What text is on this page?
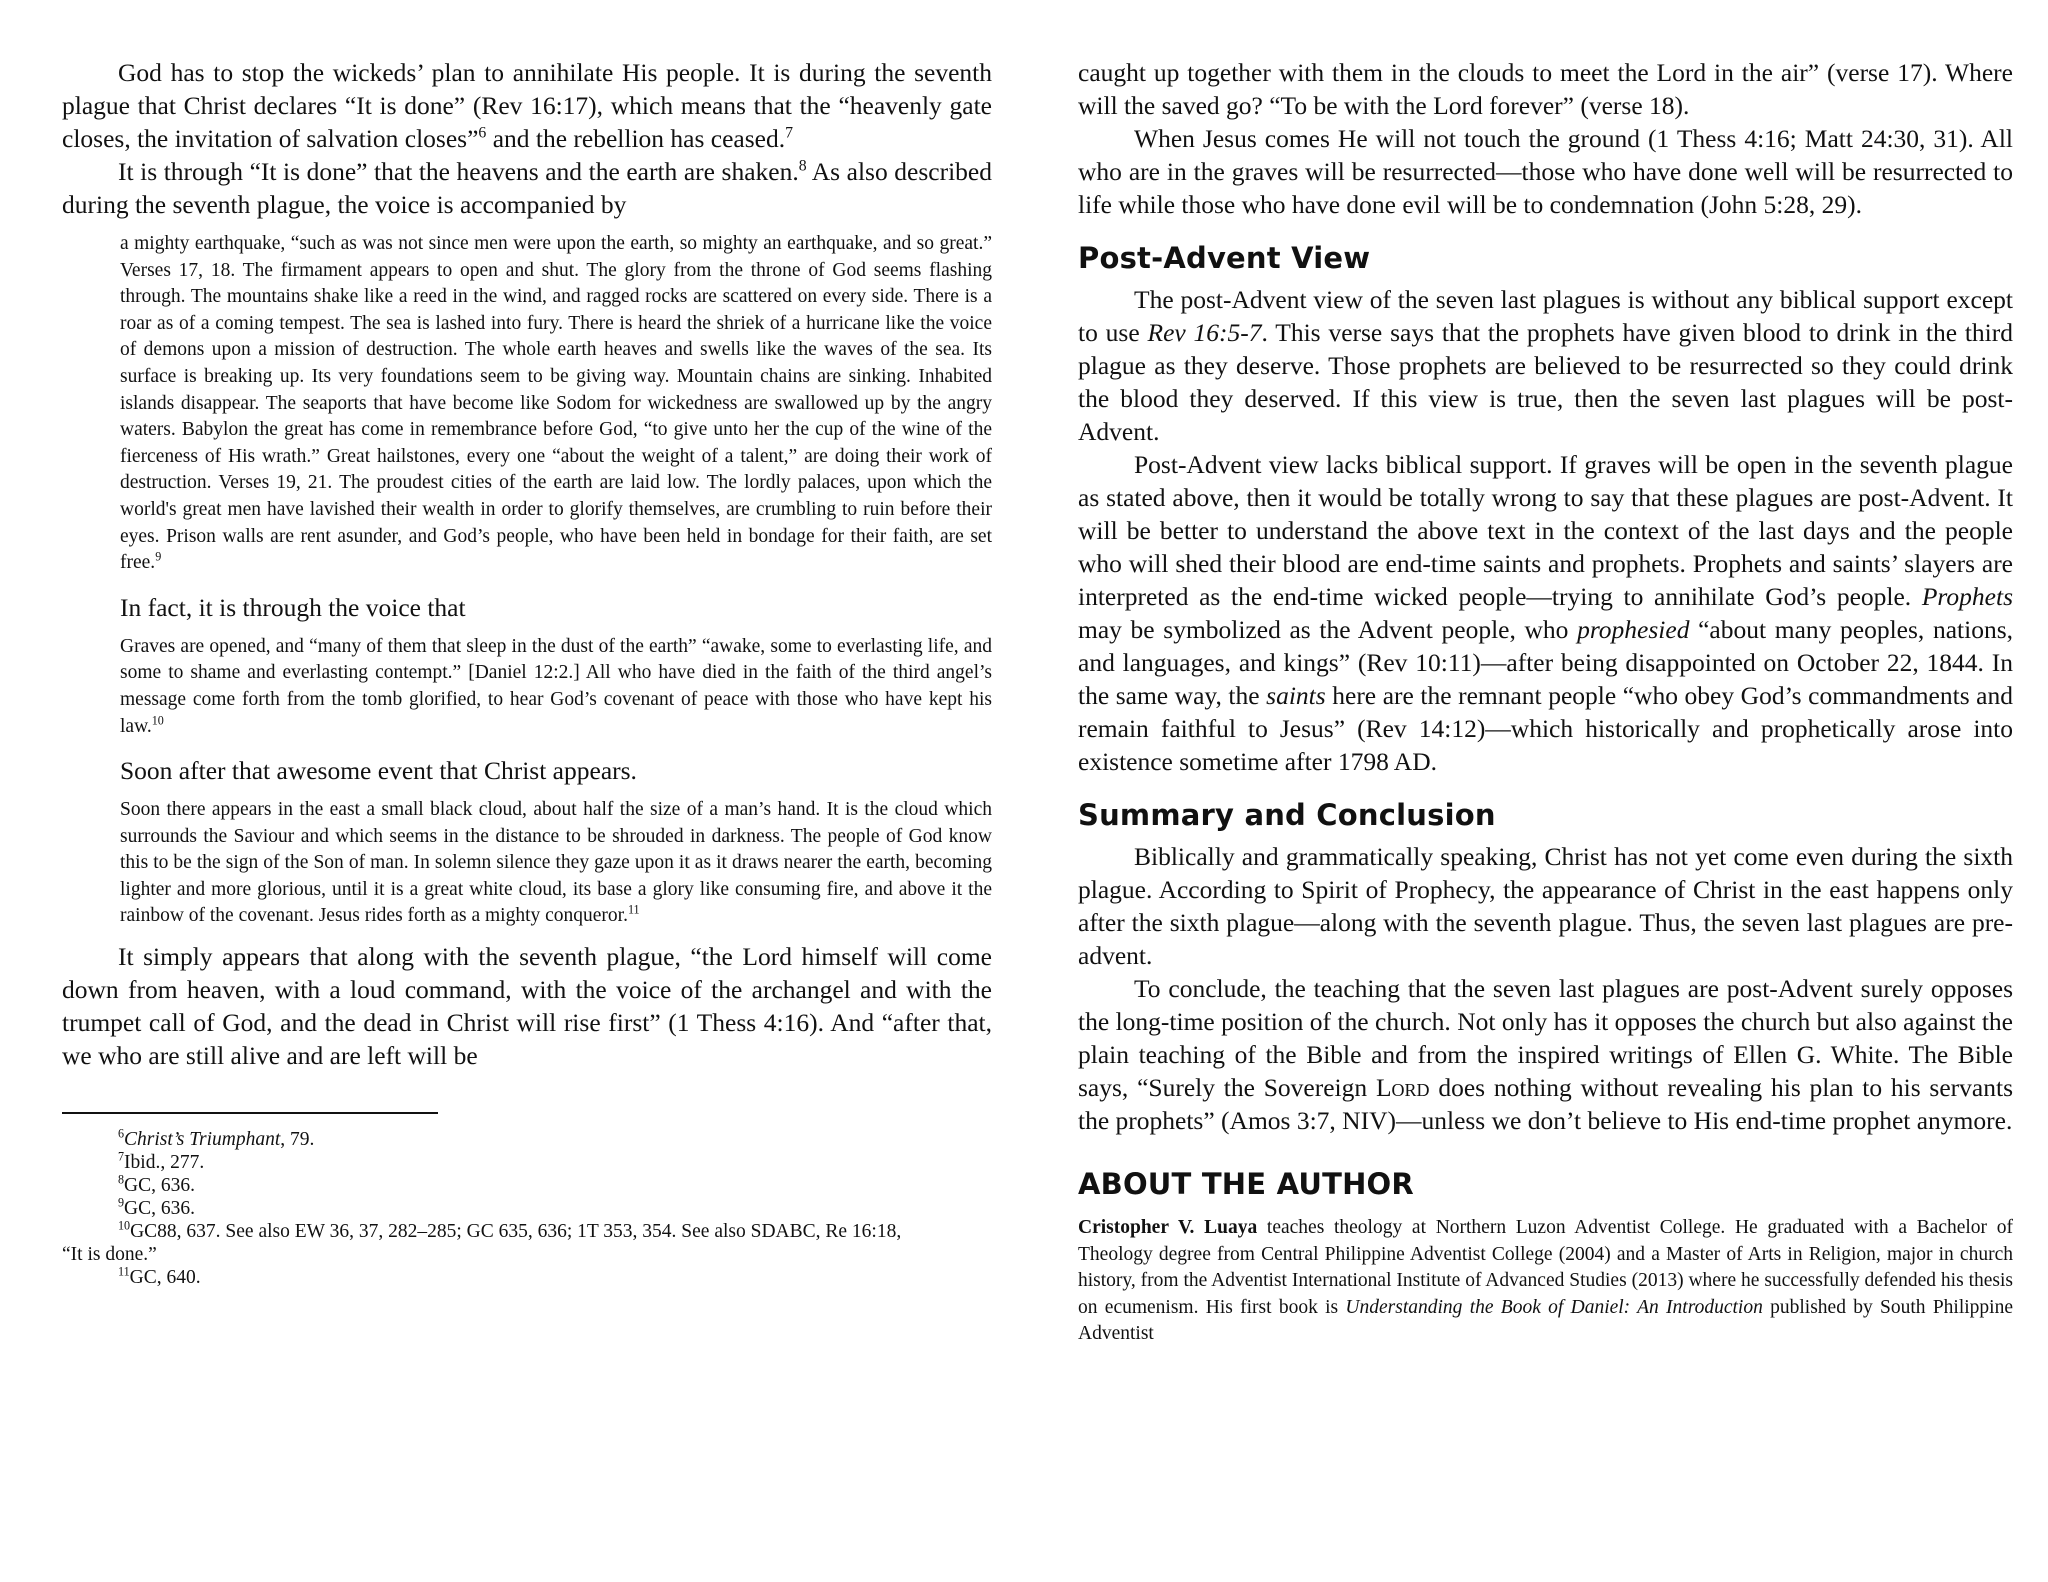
God has to stop the wickeds’ plan to annihilate His people. It is during the seventh plague that Christ declares “It is done” (Rev 16:17), which means that the “heavenly gate closes, the invitation of salvation closes”$^6$ and the rebellion has ceased.$^7$

It is through “It is done” that the heavens and the earth are shaken.$^8$ As also described during the seventh plague, the voice is accompanied by

a mighty earthquake, “such as was not since men were upon the earth, so mighty an earthquake, and so great.” Verses 17, 18. The firmament appears to open and shut. The glory from the throne of God seems flashing through. The mountains shake like a reed in the wind, and ragged rocks are scattered on every side. There is a roar as of a coming tempest. The sea is lashed into fury. There is heard the shriek of a hurricane like the voice of demons upon a mission of destruction. The whole earth heaves and swells like the waves of the sea. Its surface is breaking up. Its very foundations seem to be giving way. Mountain chains are sinking. Inhabited islands disappear. The seaports that have become like Sodom for wickedness are swallowed up by the angry waters. Babylon the great has come in remembrance before God, “to give unto her the cup of the wine of the fierceness of His wrath.” Great hailstones, every one “about the weight of a talent,” are doing their work of destruction. Verses 19, 21. The proudest cities of the earth are laid low. The lordly palaces, upon which the world's great men have lavished their wealth in order to glorify themselves, are crumbling to ruin before their eyes. Prison walls are rent asunder, and God’s people, who have been held in bondage for their faith, are set free.$^9$

In fact, it is through the voice that

Graves are opened, and “many of them that sleep in the dust of the earth” “awake, some to everlasting life, and some to shame and everlasting contempt.” [Daniel 12:2.] All who have died in the faith of the third angel’s message come forth from the tomb glorified, to hear God’s covenant of peace with those who have kept his law.$^{10}$

Soon after that awesome event that Christ appears.

Soon there appears in the east a small black cloud, about half the size of a man’s hand. It is the cloud which surrounds the Saviour and which seems in the distance to be shrouded in darkness. The people of God know this to be the sign of the Son of man. In solemn silence they gaze upon it as it draws nearer the earth, becoming lighter and more glorious, until it is a great white cloud, its base a glory like consuming fire, and above it the rainbow of the covenant. Jesus rides forth as a mighty conqueror.$^{11}$

It simply appears that along with the seventh plague, “the Lord himself will come down from heaven, with a loud command, with the voice of the archangel and with the trumpet call of God, and the dead in Christ will rise first” (1 Thess 4:16). And “after that, we who are still alive and are left will be

$^6$Christ’s Triumphant, 79.
$^7$Ibid., 277.
$^8$GC, 636.
$^9$GC, 636.
$^{10}$GC88, 637. See also EW 36, 37, 282–285; GC 635, 636; 1T 353, 354. See also SDABC, Re 16:18,
“It is done.”
$^{11}$GC, 640.

caught up together with them in the clouds to meet the Lord in the air” (verse 17). Where will the saved go? “To be with the Lord forever” (verse 18).

When Jesus comes He will not touch the ground (1 Thess 4:16; Matt 24:30, 31). All who are in the graves will be resurrected—those who have done well will be resurrected to life while those who have done evil will be to condemnation (John 5:28, 29).

Post-Advent View

The post-Advent view of the seven last plagues is without any biblical support except to use Rev 16:5-7. This verse says that the prophets have given blood to drink in the third plague as they deserve. Those prophets are believed to be resurrected so they could drink the blood they deserved. If this view is true, then the seven last plagues will be post-Advent.

Post-Advent view lacks biblical support. If graves will be open in the seventh plague as stated above, then it would be totally wrong to say that these plagues are post-Advent. It will be better to understand the above text in the context of the last days and the people who will shed their blood are end-time saints and prophets. Prophets and saints’ slayers are interpreted as the end-time wicked people—trying to annihilate God’s people. Prophets may be symbolized as the Advent people, who prophesied “about many peoples, nations, and languages, and kings” (Rev 10:11)—after being disappointed on October 22, 1844. In the same way, the saints here are the remnant people “who obey God’s commandments and remain faithful to Jesus” (Rev 14:12)—which historically and prophetically arose into existence sometime after 1798 AD.

Summary and Conclusion

Biblically and grammatically speaking, Christ has not yet come even during the sixth plague. According to Spirit of Prophecy, the appearance of Christ in the east happens only after the sixth plague—along with the seventh plague. Thus, the seven last plagues are pre-advent.

To conclude, the teaching that the seven last plagues are post-Advent surely opposes the long-time position of the church. Not only has it opposes the church but also against the plain teaching of the Bible and from the inspired writings of Ellen G. White. The Bible says, “Surely the Sovereign Lord does nothing without revealing his plan to his servants the prophets” (Amos 3:7, NIV)—unless we don’t believe to His end-time prophet anymore.

ABOUT THE AUTHOR

Cristopher V. Luaya teaches theology at Northern Luzon Adventist College. He graduated with a Bachelor of Theology degree from Central Philippine Adventist College (2004) and a Master of Arts in Religion, major in church history, from the Adventist International Institute of Advanced Studies (2013) where he successfully defended his thesis on ecumenism. His first book is Understanding the Book of Daniel: An Introduction published by South Philippine Adventist
